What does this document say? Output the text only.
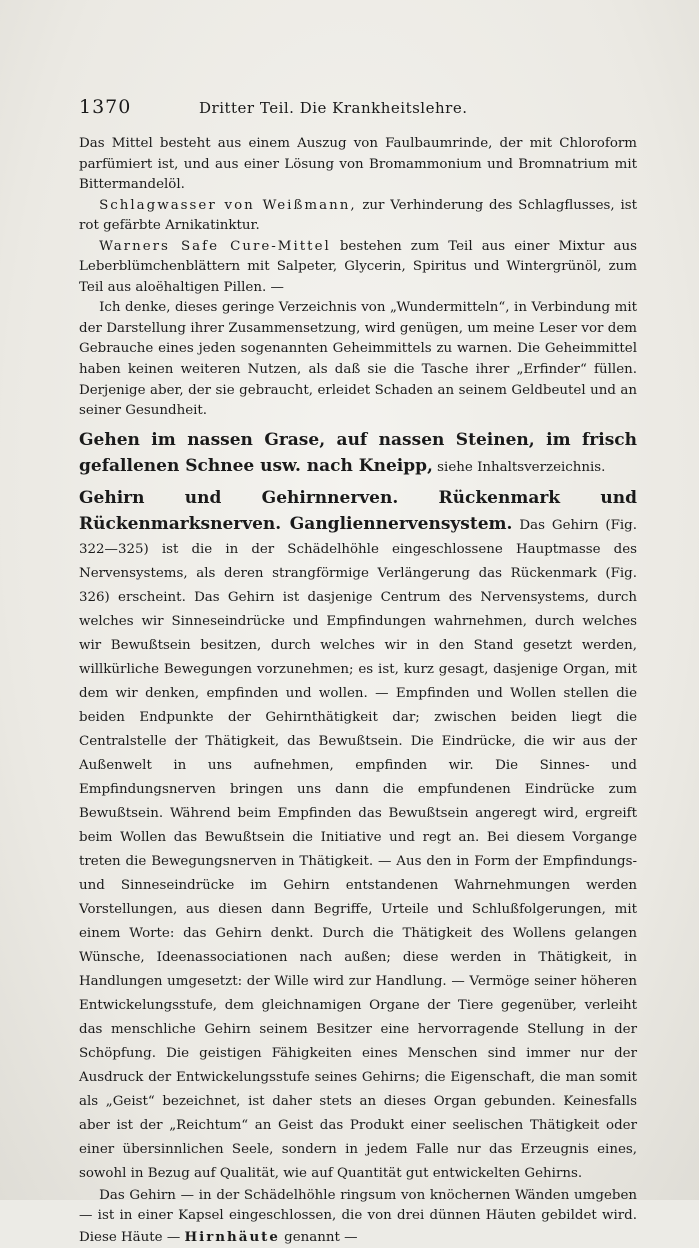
1370	Dritter Teil. Die Krankheitslehre.

Das Mittel besteht aus einem Auszug von Faulbaumrinde, der mit Chloroform parfümiert ist, und aus einer Lösung von Bromammonium und Bromnatrium mit Bittermandelöl.

Schlagwasser von Weißmann, zur Verhinderung des Schlagflusses, ist rot gefärbte Arnikatinktur.

Warners Safe Cure-Mittel bestehen zum Teil aus einer Mixtur aus Leberblümchenblättern mit Salpeter, Glycerin, Spiritus und Wintergrünöl, zum Teil aus aloëhaltigen Pillen. —

Ich denke, dieses geringe Verzeichnis von „Wundermitteln“, in Verbindung mit der Darstellung ihrer Zusammensetzung, wird genügen, um meine Leser vor dem Gebrauche eines jeden sogenannten Geheimmittels zu warnen. Die Geheimmittel haben keinen weiteren Nutzen, als daß sie die Tasche ihrer „Erfinder“ füllen. Derjenige aber, der sie gebraucht, erleidet Schaden an seinem Geldbeutel und an seiner Gesundheit.

Gehen im nassen Grase, auf nassen Steinen, im frisch gefallenen Schnee usw. nach Kneipp, siehe Inhaltsverzeichnis.

Gehirn und Gehirnnerven. Rückenmark und Rückenmarksnerven. Gangliennervensystem. Das Gehirn (Fig. 322—325) ist die in der Schädelhöhle eingeschlossene Hauptmasse des Nervensystems, als deren strangförmige Verlängerung das Rückenmark (Fig. 326) erscheint. Das Gehirn ist dasjenige Centrum des Nervensystems, durch welches wir Sinneseindrücke und Empfindungen wahrnehmen, durch welches wir Bewußtsein besitzen, durch welches wir in den Stand gesetzt werden, willkürliche Bewegungen vorzunehmen; es ist, kurz gesagt, dasjenige Organ, mit dem wir denken, empfinden und wollen. — Empfinden und Wollen stellen die beiden Endpunkte der Gehirnthätigkeit dar; zwischen beiden liegt die Centralstelle der Thätigkeit, das Bewußtsein. Die Eindrücke, die wir aus der Außenwelt in uns aufnehmen, empfinden wir. Die Sinnes- und Empfindungsnerven bringen uns dann die empfundenen Eindrücke zum Bewußtsein. Während beim Empfinden das Bewußtsein angeregt wird, ergreift beim Wollen das Bewußtsein die Initiative und regt an. Bei diesem Vorgange treten die Bewegungsnerven in Thätigkeit. — Aus den in Form der Empfindungs- und Sinneseindrücke im Gehirn entstandenen Wahrnehmungen werden Vorstellungen, aus diesen dann Begriffe, Urteile und Schlußfolgerungen, mit einem Worte: das Gehirn denkt. Durch die Thätigkeit des Wollens gelangen Wünsche, Ideenassociationen nach außen; diese werden in Thätigkeit, in Handlungen umgesetzt: der Wille wird zur Handlung. — Vermöge seiner höheren Entwickelungsstufe, dem gleichnamigen Organe der Tiere gegenüber, verleiht das menschliche Gehirn seinem Besitzer eine hervorragende Stellung in der Schöpfung. Die geistigen Fähigkeiten eines Menschen sind immer nur der Ausdruck der Entwickelungsstufe seines Gehirns; die Eigenschaft, die man somit als „Geist“ bezeichnet, ist daher stets an dieses Organ gebunden. Keinesfalls aber ist der „Reichtum“ an Geist das Produkt einer seelischen Thätigkeit oder einer übersinnlichen Seele, sondern in jedem Falle nur das Erzeugnis eines, sowohl in Bezug auf Qualität, wie auf Quantität gut entwickelten Gehirns.

Das Gehirn — in der Schädelhöhle ringsum von knöchernen Wänden umgeben — ist in einer Kapsel eingeschlossen, die von drei dünnen Häuten gebildet wird. Diese Häute — Hirnhäute genannt —
